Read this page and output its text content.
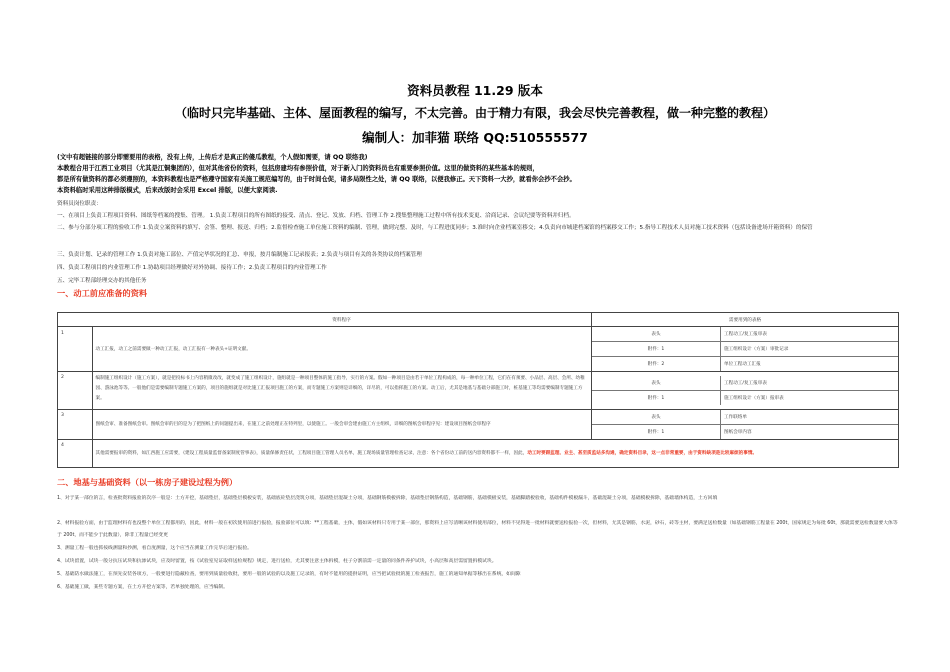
资料员教程 11.29 版本
（临时只完毕基础、主体、屋面教程的编写，不太完善。由于精力有限，我会尽快完善教程，做一种完整的教程）
编制人：加菲猫 联络 QQ:510555577
(文中有超链接的部分即需要用的表格，没有上传，上传后才是真正的傻瓜教程，个人假如需要，请 QQ 联络我)
本教程合用于江西工业项目（尤其是江铜集团的），但对其他省份的资料，包括房建均有参照价值，对于新入门的资料员也有重要参照价值。这里的做资料的某些基本的规则，
都是所有做资料的都必须遵照的，本资料教程也是严格遵守国家有关施工规范编写的，由于时间仓促，诸多局限性之处，请 QQ 联络，以便我修正。天下资料一大抄，就看你会抄不会抄。
本资料临时采用这种排版模式，后来改版时会采用 Excel 排版，以便大家阅读.
资料员岗位职责：
一、在项目上负责工程项目资料、图纸等档案的搜集、管理。 1.负责工程项目的所有图纸的接受、清点、登记、发放、归档、管理工作 2.搜集整理施工过程中所有技术变更、洽商记录、会议纪要等资料并归档。
二、参与分部分项工程的验收工作 1.负责立案资料的填写、会签、整理、报送、归档；2.监督检查施工单位施工资料的编制、管理，做到完整、及时，与工程进度同步；3.准时向企业档案室移交；4.负责向市城建档案馆的档案移交工作；5.指导工程技术人员对施工技术资料（包括设备进场开箱资料）的保管
三、负责计划、记录的管理工作 1.负责对施工部位、产值完毕状况的汇总、申报，按月编制施工记录报表；2.负责与项目有关的各类协议的档案管理
四、负责工程项目的内业管理工作 1.协助项目经理做好对外协调、接待工作；2.负责工程项目的内业管理工作
五、完毕工程部经理交办的其他任务
一、动工前应准备的资料
	资料程序	需要用到的表格
1	动工汇报，动工之前需要做一种动工汇报，动工汇报有一种表头+证明文献。	
表头	工程动工/复工报审表
附件：1	施工组织设计（方案）审批记录
附件：2	单位工程动工汇报

2	编制施工组织设计（施工方案），就是把投标书上内容稍微改改，就变成了施工组织设计，施组就是一种项目整体的施工指导，实行的方案。假如一种项目是由若干单位工程构成的，每一种单位工程，它们在有须要、小品层、高层、会所、幼稚园、游泳池等等。一般他们是需要编制专题施工方案的，项目的施组就是对比施工汇报项目施工的方案，而专题施工方案则是详细的，详尽的，可以指挥施工的方案。动工后，尤其是地基与基础分部施工时，桩基施工等均需要编制专题施工方案。	
表头	工程动工/复工报审表
附件：1	施工组织设计（方案）报审表

3	图纸会审、准备图纸会审。图纸会审的目的是为了把图纸上的问题提出来，在施工之前处理正在特列里，以使施工。一般会审会建由施工方主组织，详细的图纸会审程序见：建设项目图纸会审程序	
表头	工作联络单
附件：1	图纸会审内容

4	其他需要报审的资料，如江西施工应需要，《建设工程质量监督备案制度管事表》，质量保修责任状，工程项目施工管理人员名单，施工现场质量管理检查记录，注意：各个省份动工前的送内容资料都不一样，因此，动工时要跟监理、业主、甚至质监站多沟通，确定资料目录，这一点非常重要，由于资料缺项是比较麻烦的事情。
二、地基与基础资料（以一栋房子建设过程为例）
1、对于某一部位的言，检查批资料报验的次序一般是：土方开挖，基础垫层，基础垫层模板安装，基础底砼垫层浇筑分项，基础垫层混凝土分项，基础钢筋模板拆除，基础垫层钢筋构造，基础钢筋，基础模板安装，基础脚踏板验收，基础构件模板漏斗，基础混凝土分项，基础模板拆除，基础墙体构造，土方回填
2、材料报验方面，由于监理材料有也没整个单位工程都用的，因此，材料一般在初次使用前进行报验，报验部位可以填：**工程基础，主体，假如该材料只专用于某一部位，那资料上应写清晰该材料使用部位，材料不见得进一批材料就要送检报验一次，但材料，尤其是钢筋，水泥，砂石，砖等主材，要满足送检数量（如基础钢筋工程量在 200t，国家规定为每批 60t，那就需要送检数量要大体等于 200t，而不能少于此数量），除非工程量已经变更
3、测量工程一般也抓按线测量和抄测，看自度测量，这个应当在测量工作完毕后进行报验。
4、试块留置，试块一般分抗压试块和抗渗试块，应及时留置，按《试验室见证取样送检规程》规定，进行送检，尤其要注意主体拆模，柱子分割前需一定量的同条件养护试块，小高层和高层需留置拆模试块。
5、基础防水做法施工，在预先安装各项方，一般要进行隐蔽检查，要用到质量验收批，要用一般的试验的以及施工记录的，有时不能用的提供证明，应当把试验批的施工检查报告，施工的通知单据等移出在系统，如间隙
6、基础施工做，某些专题方案，在土方开挖方案等，若单独处理的，应当编制。
